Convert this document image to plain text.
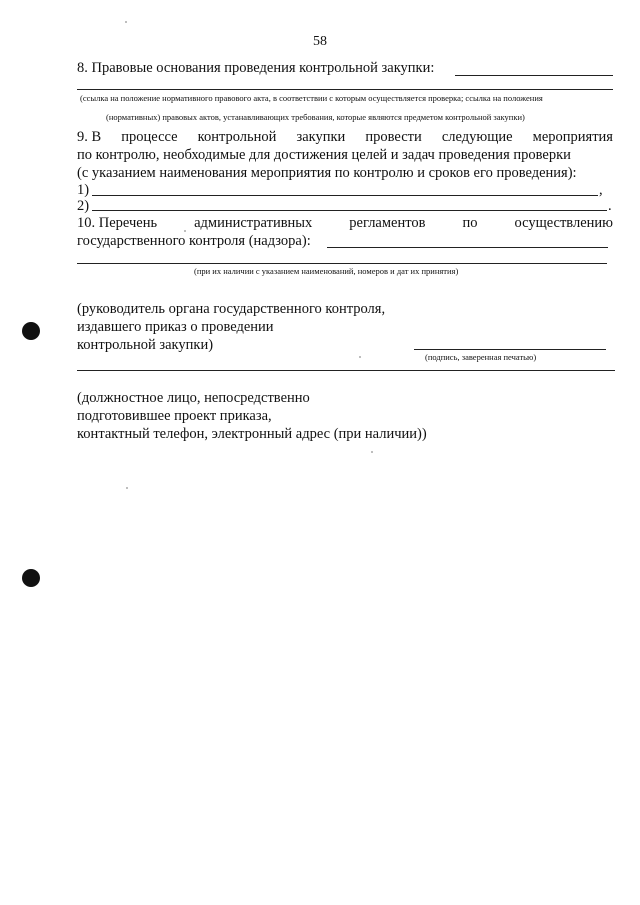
58
8. Правовые основания проведения контрольной закупки:
(ссылка на положение нормативного правового акта, в соответствии с которым осуществляется проверка; ссылка на положения
(нормативных) правовых актов, устанавливающих требования, которые являются предметом контрольной закупки)
9. В процессе контрольной закупки провести следующие мероприятия
по контролю, необходимые для достижения целей и задач проведения проверки
(с указанием наименования мероприятия по контролю и сроков его проведения):
1)	,
2)	.
10. Перечень	административных	регламентов	по	осуществлению
государственного контроля (надзора):
(при их наличии с указанием наименований, номеров и дат их принятия)
(руководитель органа государственного контроля,
издавшего приказ о проведении
контрольной закупки)
(подпись, заверенная печатью)
(должностное лицо, непосредственно
подготовившее проект приказа,
контактный телефон, электронный адрес (при наличии))
